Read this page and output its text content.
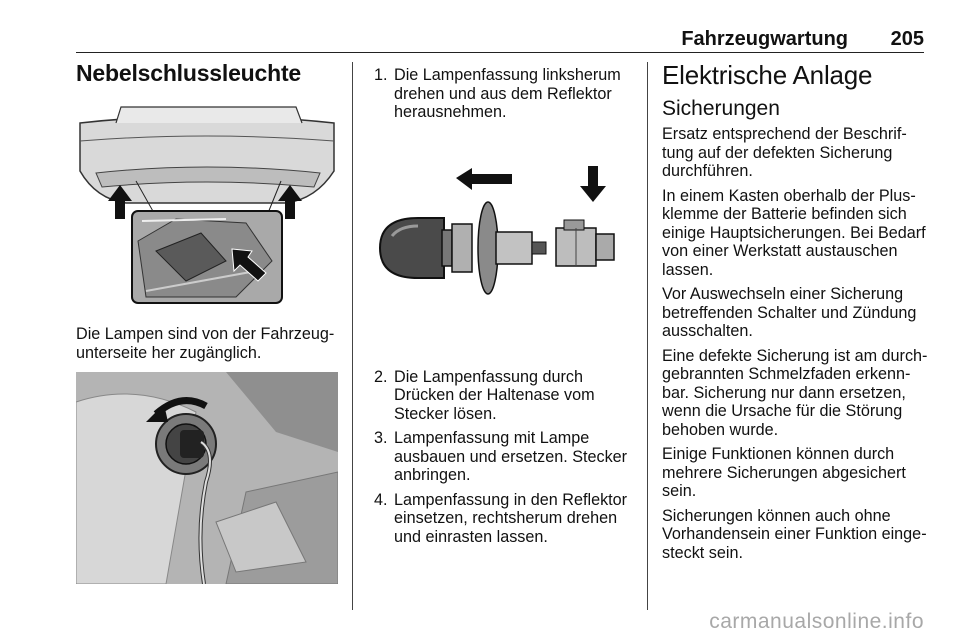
Fahrzeugwartung 205
Nebelschlussleuchte

Die Lampen sind von der Fahrzeug-unterseite her zugänglich.

1. Die Lampenfassung linksherum drehen und aus dem Reflektor herausnehmen.
2. Die Lampenfassung durch Drücken der Haltenase vom Stecker lösen.
3. Lampenfassung mit Lampe ausbauen und ersetzen. Stecker anbringen.
4. Lampenfassung in den Reflektor einsetzen, rechtsherum drehen und einrasten lassen.
Elektrische Anlage
Sicherungen

Ersatz entsprechend der Beschrif-tung auf der defekten Sicherung durchführen.

In einem Kasten oberhalb der Plus-klemme der Batterie befinden sich einige Hauptsicherungen. Bei Bedarf von einer Werkstatt austauschen lassen.

Vor Auswechseln einer Sicherung betreffenden Schalter und Zündung ausschalten.

Eine defekte Sicherung ist am durch-gebrannten Schmelzfaden erkenn-bar. Sicherung nur dann ersetzen, wenn die Ursache für die Störung behoben wurde.

Einige Funktionen können durch mehrere Sicherungen abgesichert sein.

Sicherungen können auch ohne Vorhandensein einer Funktion einge-steckt sein.

carmanualsonline.info
